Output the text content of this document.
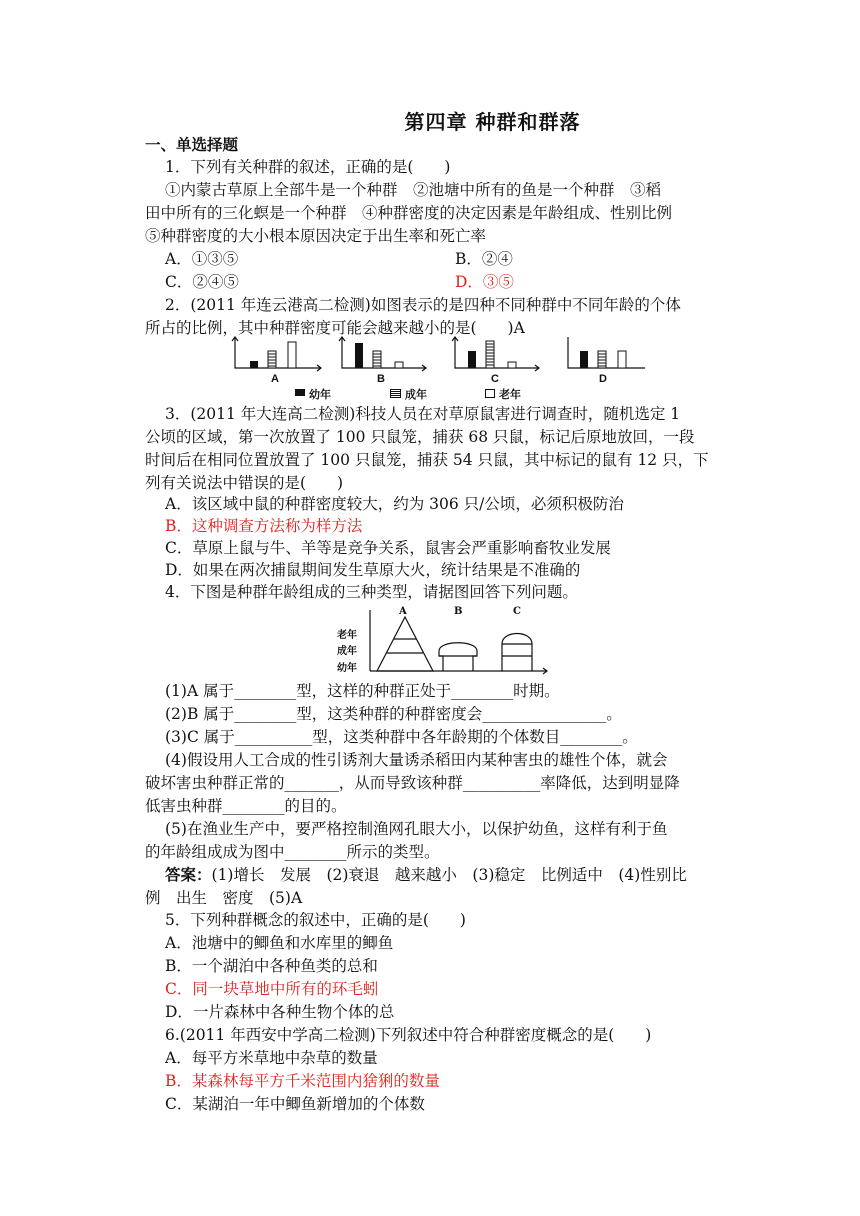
第四章 种群和群落
一、单选择题
1．下列有关种群的叙述，正确的是(　　)
①内蒙古草原上全部牛是一个种群　②池塘中所有的鱼是一个种群　③稻
田中所有的三化螟是一个种群　④种群密度的决定因素是年龄组成、性别比例
⑤种群密度的大小根本原因决定于出生率和死亡率
A．①③⑤	B．②④
C．②④⑤	D．③⑤
2．(2011 年连云港高二检测)如图表示的是四种不同种群中不同年龄的个体
所占的比例，其中种群密度可能会越来越小的是(　　)A
A	B	C	D
幼年	成年	老年
3．(2011 年大连高二检测)科技人员在对草原鼠害进行调查时，随机选定 1
公顷的区域，第一次放置了 100 只鼠笼，捕获 68 只鼠，标记后原地放回，一段
时间后在相同位置放置了 100 只鼠笼，捕获 54 只鼠，其中标记的鼠有 12 只，下
列有关说法中错误的是(　　)
A．该区域中鼠的种群密度较大，约为 306 只/公顷，必须积极防治
B．这种调查方法称为样方法
C．草原上鼠与牛、羊等是竞争关系，鼠害会严重影响畜牧业发展
D．如果在两次捕鼠期间发生草原大火，统计结果是不准确的
4．下图是种群年龄组成的三种类型，请据图回答下列问题。
A	B	C
老年
成年
幼年
(1)A 属于________型，这样的种群正处于________时期。
(2)B 属于________型，这类种群的种群密度会________________。
(3)C 属于__________型，这类种群中各年龄期的个体数目________。
(4)假设用人工合成的性引诱剂大量诱杀稻田内某种害虫的雄性个体，就会
破坏害虫种群正常的_______，从而导致该种群__________率降低，达到明显降
低害虫种群________的目的。
(5)在渔业生产中，要严格控制渔网孔眼大小，以保护幼鱼，这样有利于鱼
的年龄组成成为图中________所示的类型。
答案：(1)增长　发展　(2)衰退　越来越小　(3)稳定　比例适中　(4)性别比
例　出生　密度　(5)A
5．下列种群概念的叙述中，正确的是(　　)
A．池塘中的鲫鱼和水库里的鲫鱼
B．一个湖泊中各种鱼类的总和
C．同一块草地中所有的环毛蚓
D．一片森林中各种生物个体的总
6.(2011 年西安中学高二检测)下列叙述中符合种群密度概念的是(　　)
A．每平方米草地中杂草的数量
B．某森林每平方千米范围内猞猁的数量
C．某湖泊一年中鲫鱼新增加的个体数
